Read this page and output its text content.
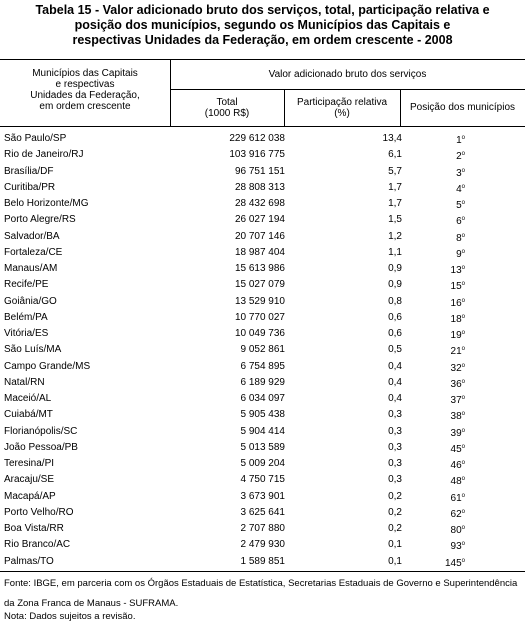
Tabela 15 - Valor adicionado bruto dos serviços, total, participação relativa e
posição dos municípios, segundo os Municípios das Capitais e
respectivas Unidades da Federação, em ordem crescente - 2008
Municípios das Capitais
e respectivas
Unidades da Federação,
em ordem crescente
Valor adicionado bruto dos serviços
Total
(1000 R$)
Participação relativa
(%)
Posição dos municípios
São Paulo/SP	229 612 038	13,4	1$^o$
Rio de Janeiro/RJ	103 916 775	6,1	2$^o$
Brasília/DF	96 751 151	5,7	3$^o$
Curitiba/PR	28 808 313	1,7	4$^o$
Belo Horizonte/MG	28 432 698	1,7	5$^o$
Porto Alegre/RS	26 027 194	1,5	6$^o$
Salvador/BA	20 707 146	1,2	8$^o$
Fortaleza/CE	18 987 404	1,1	9$^o$
Manaus/AM	15 613 986	0,9	13$^o$
Recife/PE	15 027 079	0,9	15$^o$
Goiânia/GO	13 529 910	0,8	16$^o$
Belém/PA	10 770 027	0,6	18$^o$
Vitória/ES	10 049 736	0,6	19$^o$
São Luís/MA	9 052 861	0,5	21$^o$
Campo Grande/MS	6 754 895	0,4	32$^o$
Natal/RN	6 189 929	0,4	36$^o$
Maceió/AL	6 034 097	0,4	37$^o$
Cuiabá/MT	5 905 438	0,3	38$^o$
Florianópolis/SC	5 904 414	0,3	39$^o$
João Pessoa/PB	5 013 589	0,3	45$^o$
Teresina/PI	5 009 204	0,3	46$^o$
Aracaju/SE	4 750 715	0,3	48$^o$
Macapá/AP	3 673 901	0,2	61$^o$
Porto Velho/RO	3 625 641	0,2	62$^o$
Boa Vista/RR	2 707 880	0,2	80$^o$
Rio Branco/AC	2 479 930	0,1	93$^o$
Palmas/TO	1 589 851	0,1	145$^o$
Fonte: IBGE, em parceria com os Órgãos Estaduais de Estatística, Secretarias Estaduais de Governo e Superintendência
da Zona Franca de Manaus - SUFRAMA.
Nota: Dados sujeitos a revisão.
